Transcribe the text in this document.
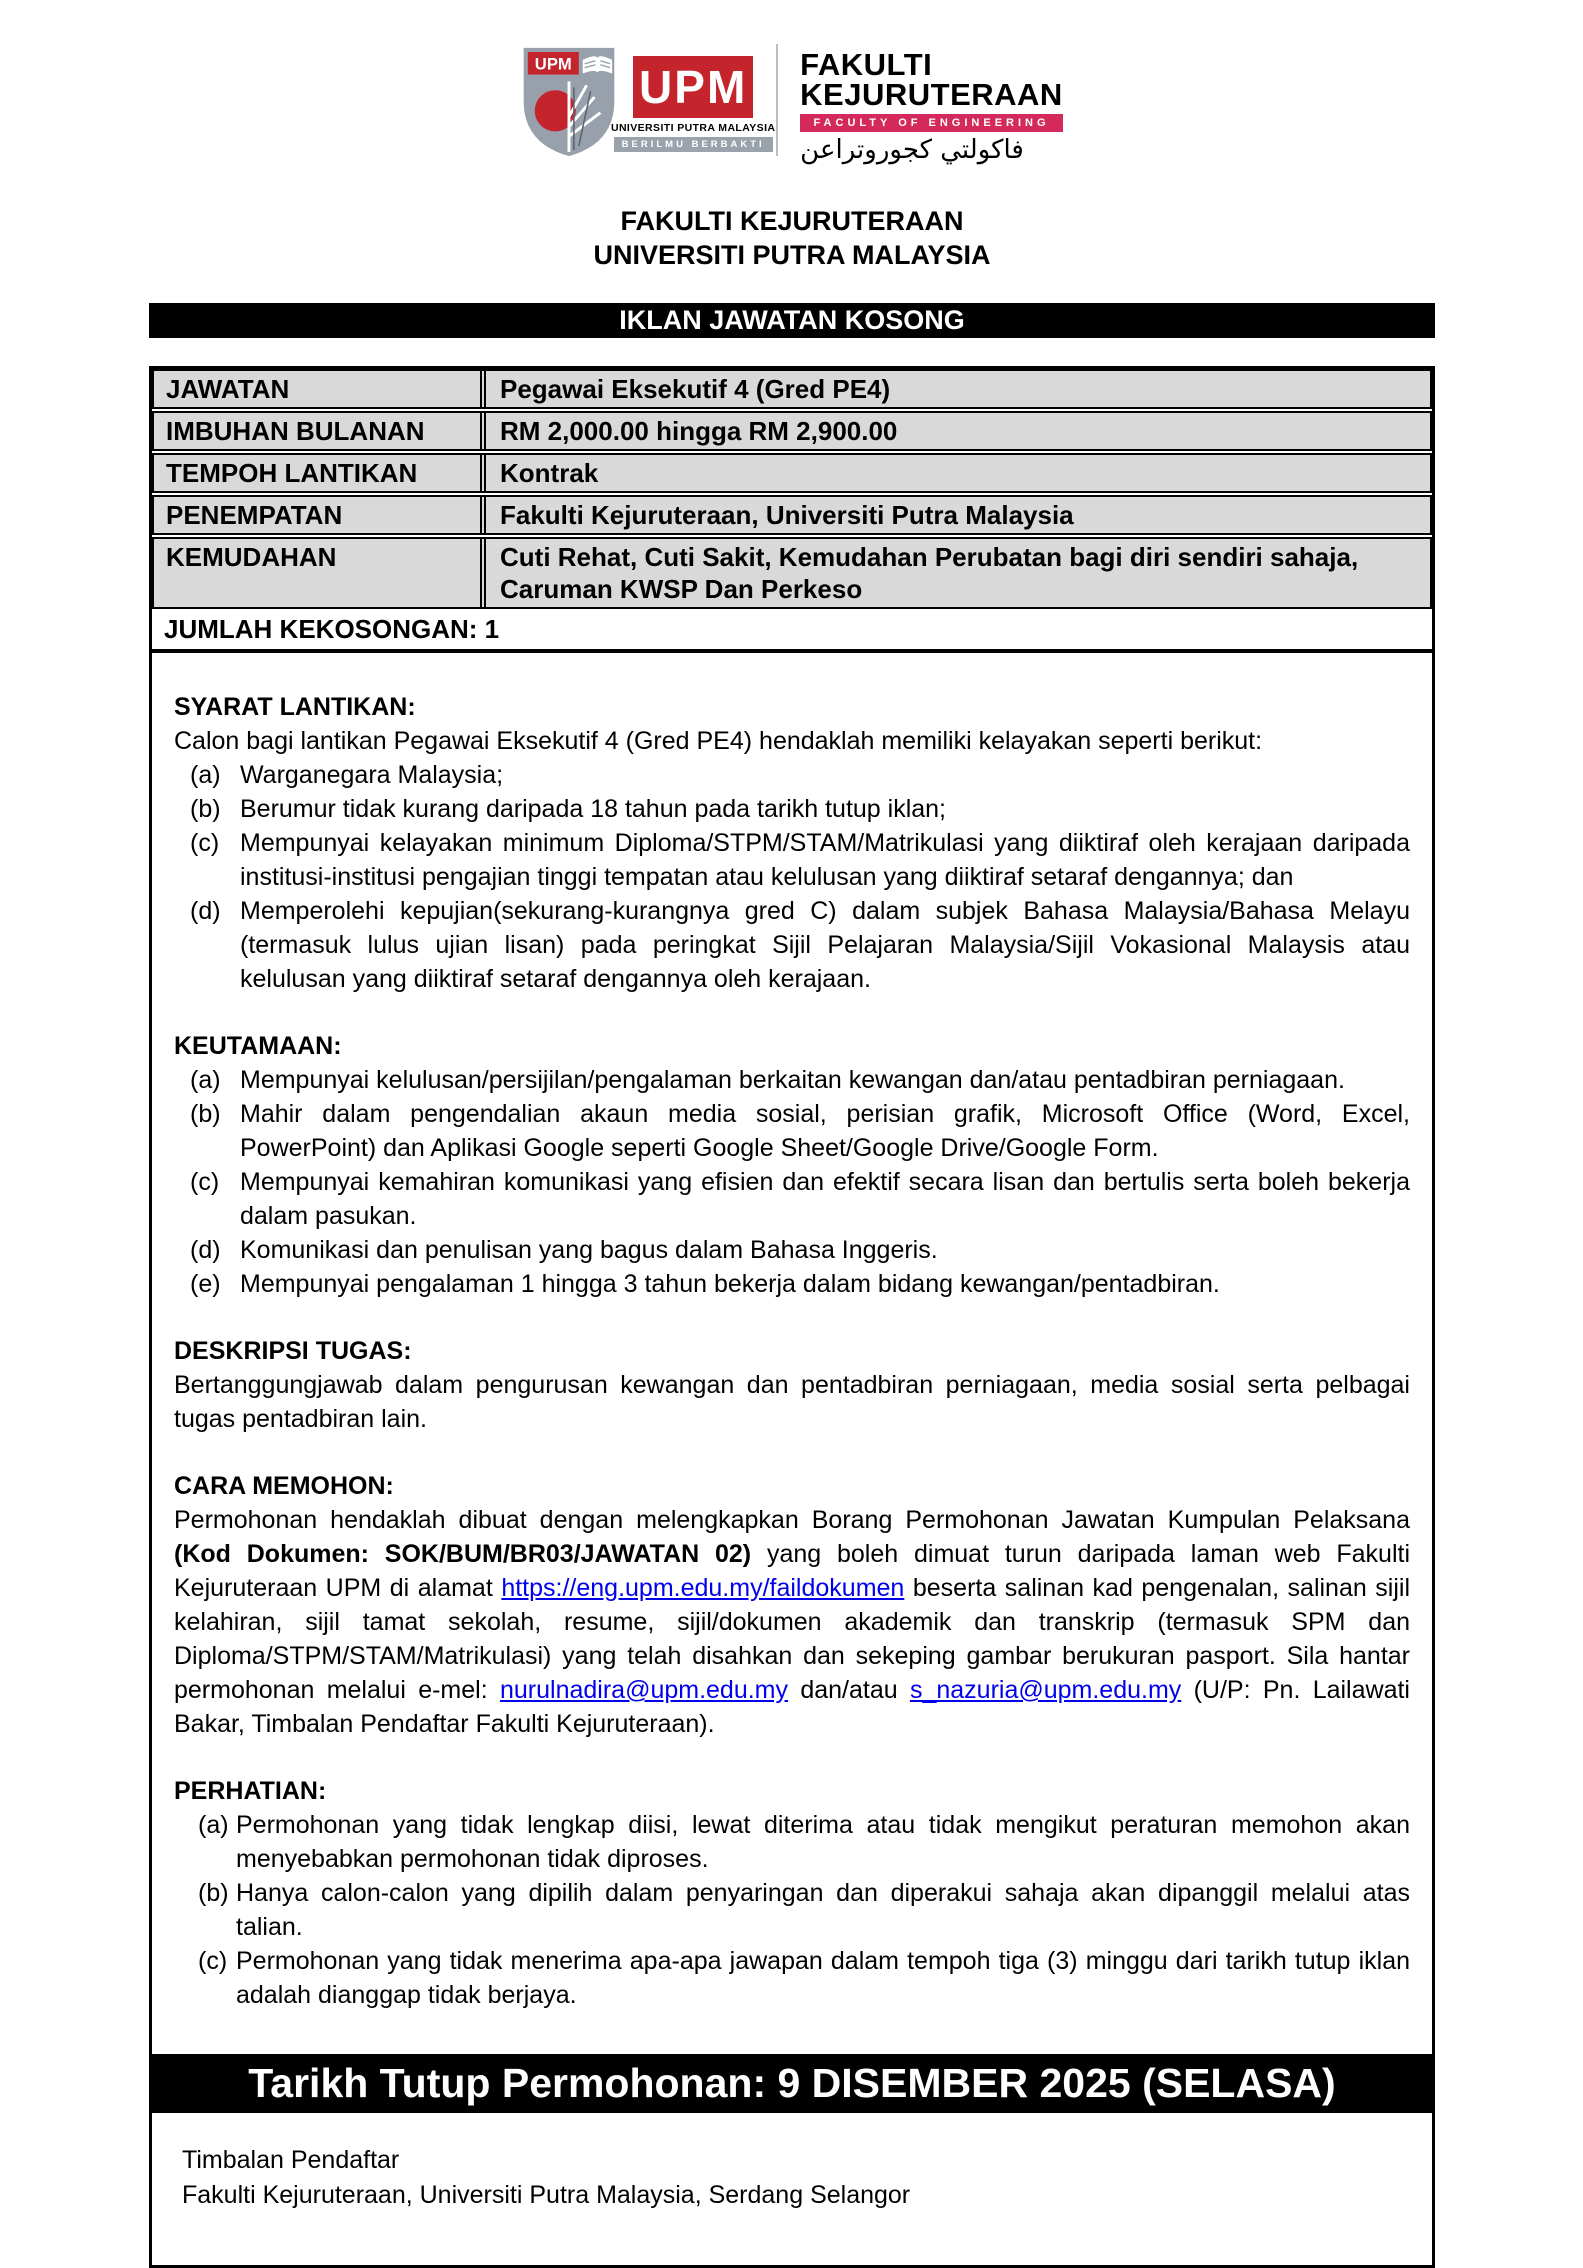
UPM UPM
UNIVERSITI PUTRA MALAYSIA
BERILMU BERBAKTI
FAKULTI
KEJURUTERAAN
FACULTY OF ENGINEERING
فاكولتي كجوروتراعن
FAKULTI KEJURUTERAAN
UNIVERSITI PUTRA MALAYSIA
IKLAN JAWATAN KOSONG
JAWATAN	Pegawai Eksekutif 4 (Gred PE4)
IMBUHAN BULANAN	RM 2,000.00 hingga RM 2,900.00
TEMPOH LANTIKAN	Kontrak
PENEMPATAN	Fakulti Kejuruteraan, Universiti Putra Malaysia
KEMUDAHAN	Cuti Rehat, Cuti Sakit, Kemudahan Perubatan bagi diri sendiri sahaja,
Caruman KWSP Dan Perkeso
JUMLAH KEKOSONGAN: 1
SYARAT LANTIKAN:
Calon bagi lantikan Pegawai Eksekutif 4 (Gred PE4) hendaklah memiliki kelayakan seperti berikut:
(a) Warganegara Malaysia;
(b) Berumur tidak kurang daripada 18 tahun pada tarikh tutup iklan;
(c) Mempunyai kelayakan minimum Diploma/STPM/STAM/Matrikulasi yang diiktiraf oleh kerajaan daripada institusi-institusi pengajian tinggi tempatan atau kelulusan yang diiktiraf setaraf dengannya; dan
(d) Memperolehi kepujian(sekurang-kurangnya gred C) dalam subjek Bahasa Malaysia/Bahasa Melayu (termasuk lulus ujian lisan) pada peringkat Sijil Pelajaran Malaysia/Sijil Vokasional Malaysis atau kelulusan yang diiktiraf setaraf dengannya oleh kerajaan.
KEUTAMAAN:
(a) Mempunyai kelulusan/persijilan/pengalaman berkaitan kewangan dan/atau pentadbiran perniagaan.
(b) Mahir dalam pengendalian akaun media sosial, perisian grafik, Microsoft Office (Word, Excel, PowerPoint) dan Aplikasi Google seperti Google Sheet/Google Drive/Google Form.
(c) Mempunyai kemahiran komunikasi yang efisien dan efektif secara lisan dan bertulis serta boleh bekerja dalam pasukan.
(d) Komunikasi dan penulisan yang bagus dalam Bahasa Inggeris.
(e) Mempunyai pengalaman 1 hingga 3 tahun bekerja dalam bidang kewangan/pentadbiran.
DESKRIPSI TUGAS:
Bertanggungjawab dalam pengurusan kewangan dan pentadbiran perniagaan, media sosial serta pelbagai tugas pentadbiran lain.
CARA MEMOHON:
Permohonan hendaklah dibuat dengan melengkapkan Borang Permohonan Jawatan Kumpulan Pelaksana (Kod Dokumen: SOK/BUM/BR03/JAWATAN 02) yang boleh dimuat turun daripada laman web Fakulti Kejuruteraan UPM di alamat https://eng.upm.edu.my/faildokumen beserta salinan kad pengenalan, salinan sijil kelahiran, sijil tamat sekolah, resume, sijil/dokumen akademik dan transkrip (termasuk SPM dan Diploma/STPM/STAM/Matrikulasi) yang telah disahkan dan sekeping gambar berukuran pasport. Sila hantar permohonan melalui e-mel: nurulnadira@upm.edu.my dan/atau s_nazuria@upm.edu.my (U/P: Pn. Lailawati Bakar, Timbalan Pendaftar Fakulti Kejuruteraan).
PERHATIAN:
(a) Permohonan yang tidak lengkap diisi, lewat diterima atau tidak mengikut peraturan memohon akan menyebabkan permohonan tidak diproses.
(b) Hanya calon-calon yang dipilih dalam penyaringan dan diperakui sahaja akan dipanggil melalui atas talian.
(c) Permohonan yang tidak menerima apa-apa jawapan dalam tempoh tiga (3) minggu dari tarikh tutup iklan adalah dianggap tidak berjaya.
Tarikh Tutup Permohonan: 9 DISEMBER 2025 (SELASA)
Timbalan Pendaftar
Fakulti Kejuruteraan, Universiti Putra Malaysia, Serdang Selangor
